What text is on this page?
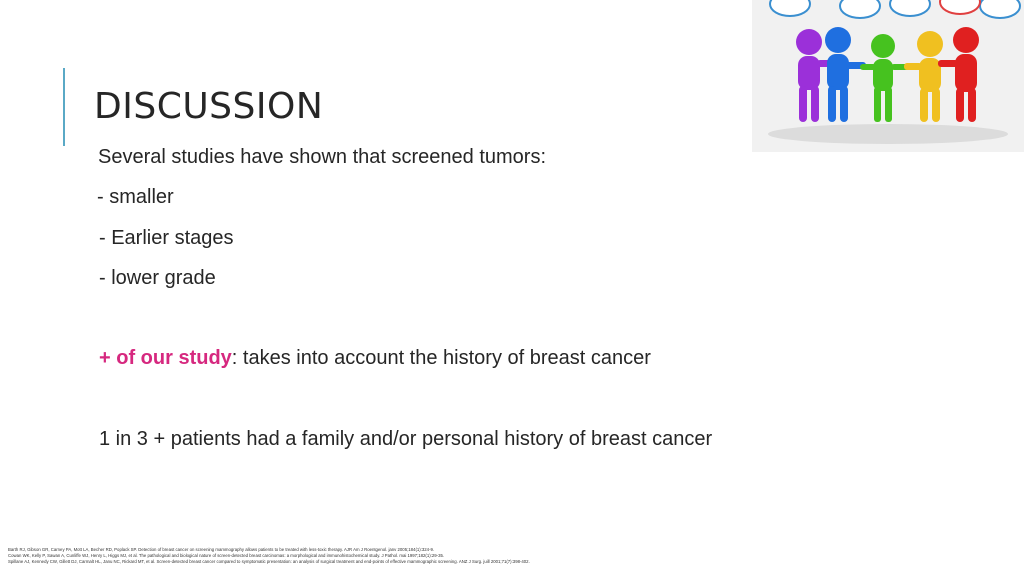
DISCUSSION
Several studies have shown that screened tumors:
- smaller
- Earlier stages
- lower grade
+ of our study: takes into account the history of breast cancer
1 in 3 + patients had a family and/or personal history of breast cancer
Barth RJ, Gibson GR, Carney PA, Mott LA, Becher RD, Poplack SP. Detection of breast cancer on screening mammography allows patients to be treated with less-toxic therapy. AJR Am J Roentgenol. janv 2005;184(1):324-9.
Cowan WK, Kelly P, Sawan A, Cunliffe WJ, Henry L, Higgs MJ, et al. The pathological and biological nature of screen-detected breast carcinomas: a morphological and immunohistochemical study. J Pathol. mai 1997;182(1):29-35.
Spillane AJ, Kennedy CW, Gillett DJ, Carmalt HL, Janu NC, Rickard MT, et al. Screen-detected breast cancer compared to symptomatic presentation: an analysis of surgical treatment and end-points of effective mammographic screening. ANZ J Surg. juill 2001;71(7):398-402.
